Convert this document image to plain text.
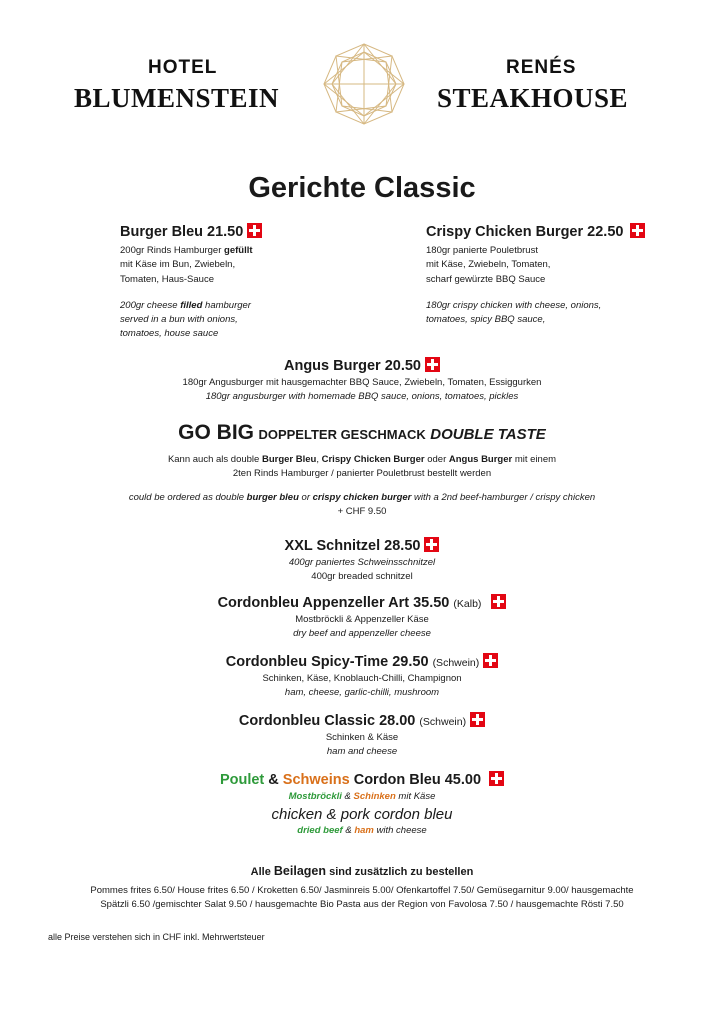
HOTEL
BLUMENSTEIN
RENÉS
STEAKHOUSE
Gerichte Classic
Burger Bleu 21.50
200gr Rinds Hamburger gefüllt
mit Käse im Bun, Zwiebeln,
Tomaten, Haus-Sauce
200gr cheese filled hamburger
served in a bun with onions,
tomatoes, house sauce
Crispy Chicken Burger 22.50
180gr panierte Pouletbrust
mit Käse, Zwiebeln, Tomaten,
scharf gewürzte BBQ Sauce
180gr crispy chicken with cheese, onions,
tomatoes, spicy BBQ sauce,
Angus Burger 20.50
180gr Angusburger mit hausgemachter BBQ Sauce, Zwiebeln, Tomaten, Essiggurken
180gr angusburger with homemade BBQ sauce, onions, tomatoes, pickles
GO BIG DOPPELTER GESCHMACK DOUBLE TASTE
Kann auch als double Burger Bleu, Crispy Chicken Burger oder Angus Burger mit einem
2ten Rinds Hamburger / panierter Pouletbrust bestellt werden
could be ordered as double burger bleu or crispy chicken burger with a 2nd beef-hamburger / crispy chicken
+ CHF 9.50
XXL Schnitzel 28.50
400gr paniertes Schweinsschnitzel
400gr breaded schnitzel
Cordonbleu Appenzeller Art 35.50 (Kalb)
Mostbröckli & Appenzeller Käse
dry beef and appenzeller cheese
Cordonbleu Spicy-Time 29.50 (Schwein)
Schinken, Käse, Knoblauch-Chilli, Champignon
ham, cheese, garlic-chilli, mushroom
Cordonbleu Classic 28.00 (Schwein)
Schinken & Käse
ham and cheese
Poulet & Schweins Cordon Bleu 45.00
Mostbröckli & Schinken mit Käse
chicken & pork cordon bleu
dried beef & ham with cheese
Alle Beilagen sind zusätzlich zu bestellen
Pommes frites 6.50/ House frites 6.50 / Kroketten 6.50/ Jasminreis 5.00/ Ofenkartoffel 7.50/ Gemüsegarnitur 9.00/ hausgemachte
Spätzli 6.50 /gemischter Salat 9.50 / hausgemachte Bio Pasta aus der Region von Favolosa 7.50 / hausgemachte Rösti 7.50
alle Preise verstehen sich in CHF inkl. Mehrwertsteuer
